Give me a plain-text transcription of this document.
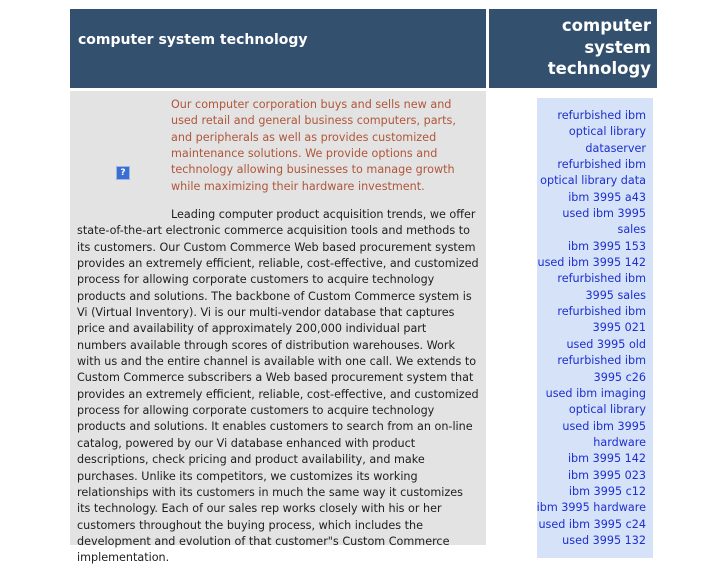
computer system technology
computer system technology
?

Our computer corporation buys and sells new and used retail and general business computers, parts, and peripherals as well as provides customized maintenance solutions. We provide options and technology allowing businesses to manage growth while maximizing their hardware investment.

Leading computer product acquisition trends, we offer state-of-the-art electronic commerce acquisition tools and methods to its customers. Our Custom Commerce Web based procurement system provides an extremely efficient, reliable, cost-effective, and customized process for allowing corporate customers to acquire technology products and solutions. The backbone of Custom Commerce system is Vi (Virtual Inventory). Vi is our multi-vendor database that captures price and availability of approximately 200,000 individual part numbers available through scores of distribution warehouses. Work with us and the entire channel is available with one call. We extends to Custom Commerce subscribers a Web based procurement system that provides an extremely efficient, reliable, cost-effective, and customized process for allowing corporate customers to acquire technology products and solutions. It enables customers to search from an on-line catalog, powered by our Vi database enhanced with product descriptions, check pricing and product availability, and make purchases. Unlike its competitors, we customizes its working relationships with its customers in much the same way it customizes its technology. Each of our sales rep works closely with his or her customers throughout the buying process, which includes the development and evolution of that customer"s Custom Commerce implementation.

refurbished ibm optical library dataserver
refurbished ibm optical library data
ibm 3995 a43
used ibm 3995 sales
ibm 3995 153
used ibm 3995 142
refurbished ibm 3995 sales
refurbished ibm 3995 021
used 3995 old
refurbished ibm 3995 c26
used ibm imaging optical library
used ibm 3995 hardware
ibm 3995 142
ibm 3995 023
ibm 3995 c12
ibm 3995 hardware
used ibm 3995 c24
used 3995 132
